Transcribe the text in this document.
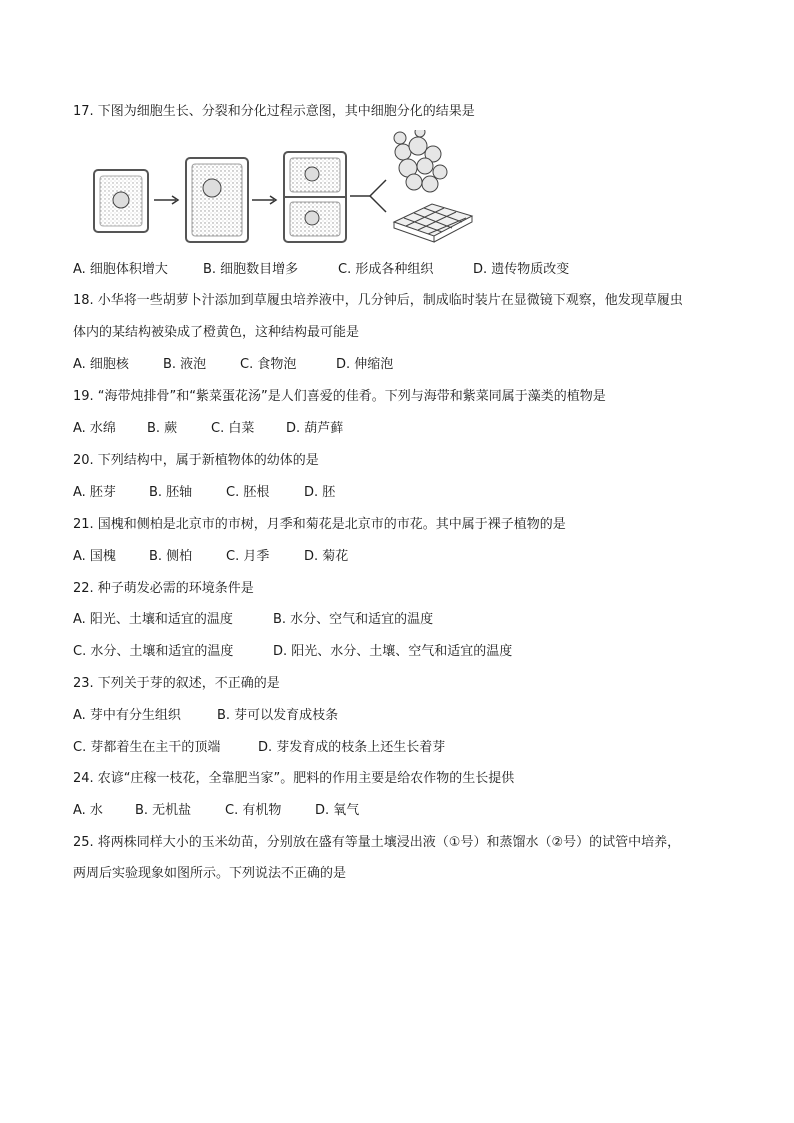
17. 下图为细胞生长、分裂和分化过程示意图，其中细胞分化的结果是
A. 细胞体积增大	B. 细胞数目增多	C. 形成各种组织	D. 遗传物质改变
18. 小华将一些胡萝卜汁添加到草履虫培养液中，几分钟后，制成临时装片在显微镜下观察，他发现草履虫
体内的某结构被染成了橙黄色，这种结构最可能是
A. 细胞核	B. 液泡	C. 食物泡	D. 伸缩泡
19. “海带炖排骨”和“紫菜蛋花汤”是人们喜爱的佳肴。下列与海带和紫菜同属于藻类的植物是
A. 水绵 B. 蕨	C. 白菜 D. 葫芦藓
20. 下列结构中，属于新植物体的幼体的是
A. 胚芽	B. 胚轴	C. 胚根	D. 胚
21. 国槐和侧柏是北京市的市树，月季和菊花是北京市的市花。其中属于裸子植物的是
A. 国槐	B. 侧柏	C. 月季	D. 菊花
22. 种子萌发必需的环境条件是
A. 阳光、土壤和适宜的温度	B. 水分、空气和适宜的温度
C. 水分、土壤和适宜的温度	D. 阳光、水分、土壤、空气和适宜的温度
23. 下列关于芽的叙述，不正确的是
A. 芽中有分生组织	B. 芽可以发育成枝条
C. 芽都着生在主干的顶端	D. 芽发育成的枝条上还生长着芽
24. 农谚“庄稼一枝花，全靠肥当家”。肥料的作用主要是给农作物的生长提供
A. 水 B. 无机盐	C. 有机物	D. 氧气
25. 将两株同样大小的玉米幼苗，分别放在盛有等量土壤浸出液（①号）和蒸馏水（②号）的试管中培养，
两周后实验现象如图所示。下列说法不正确的是
